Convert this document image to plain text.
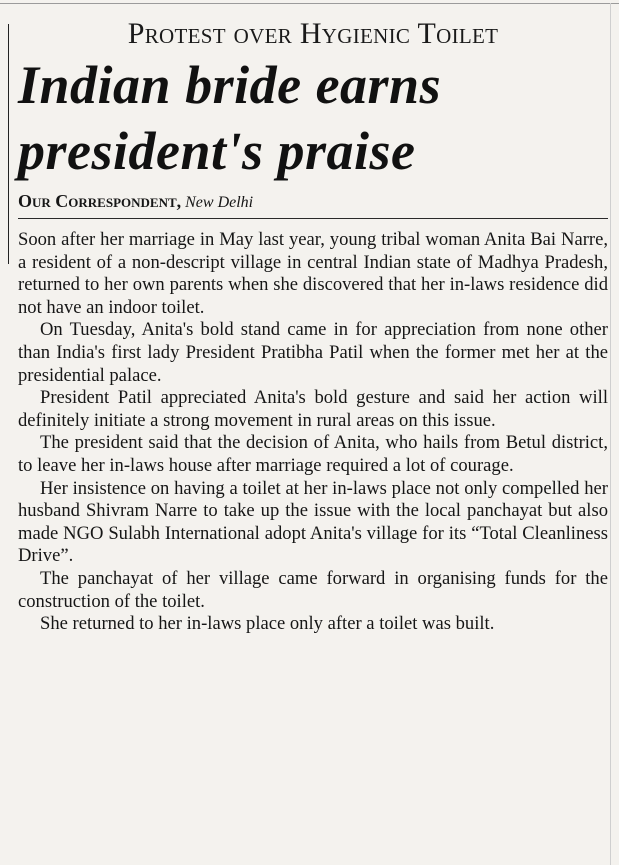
Protest over Hygienic Toilet
Indian bride earns
president's praise
Our Correspondent, New Delhi

Soon after her marriage in May last year, young tribal woman Anita Bai Narre, a resident of a non-descript village in central Indian state of Madhya Pradesh, returned to her own parents when she discovered that her in-laws residence did not have an indoor toilet.

On Tuesday, Anita's bold stand came in for appreciation from none other than India's first lady President Pratibha Patil when the former met her at the presidential palace.

President Patil appreciated Anita's bold gesture and said her action will definitely initiate a strong movement in rural areas on this issue.

The president said that the decision of Anita, who hails from Betul district, to leave her in-laws house after marriage required a lot of courage.

Her insistence on having a toilet at her in-laws place not only compelled her husband Shivram Narre to take up the issue with the local panchayat but also made NGO Sulabh International adopt Anita's village for its “Total Cleanliness Drive”.

The panchayat of her village came forward in organising funds for the construction of the toilet.

She returned to her in-laws place only after a toilet was built.
